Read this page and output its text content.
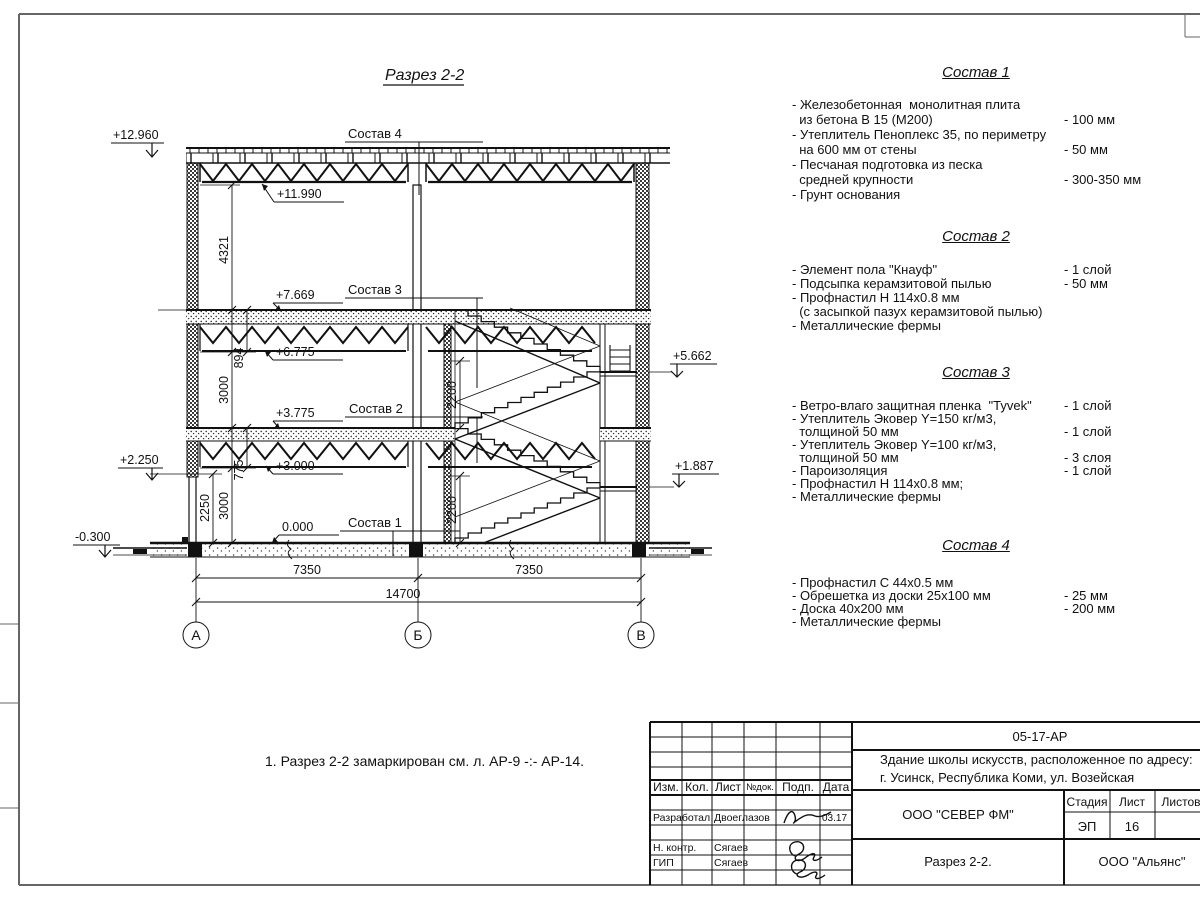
Разрез 2-2
Состав 4
Состав 3
Состав 2
Состав 1
+12.960
+2.250
-0.300
+11.990
+7.669
+6.775
+3.775
+3.000
0.000
+5.662
+1.887
4321
894
3000
775
3000
2250
2200
2200
7350	7350
14700
А	Б	В
Изм. Кол. Лист №док. Подп. Дата
Разработал Двоеглазов	03.17
Н. контр. Сягаев
ГИП	Сягаев
05-17-АР
Здание школы искусств, расположенное по адресу:
г. Усинск, Республика Коми, ул. Возейская
ООО "СЕВЕР ФМ"
Стадия Лист Листов
ЭП 16
Разрез 2-2.	ООО "Альянс"
Состав 1
- Железобетонная  монолитная плита
из бетона В 15 (М200)	- 100 мм
- Утеплитель Пеноплекс 35, по периметру
на 600 мм от стены	- 50 мм
- Песчаная подготовка из песка
средней крупности	- 300-350 мм
- Грунт основания
Состав 2
- Элемент пола "Кнауф"	- 1 слой
- Подсыпка керамзитовой пылью	- 50 мм
- Профнастил Н 114х0.8 мм
(с засыпкой пазух керамзитовой пылью)
- Металлические фермы
Состав 3
- Ветро-влаго защитная пленка  "Tyvek" - 1 слой
- Утеплитель Эковер Y=150 кг/м3,
толщиной 50 мм	- 1 слой
- Утеплитель Эковер Y=100 кг/м3,
толщиной 50 мм	- 3 слоя
- Пароизоляция	- 1 слой
- Профнастил Н 114х0.8 мм;
- Металлические фермы
Состав 4
- Профнастил С 44х0.5 мм
- Обрешетка из доски 25х100 мм	- 25 мм
- Доска 40х200 мм	- 200 мм
- Металлические фермы
1. Разрез 2-2 замаркирован см. л. АР-9 -:- АР-14.
